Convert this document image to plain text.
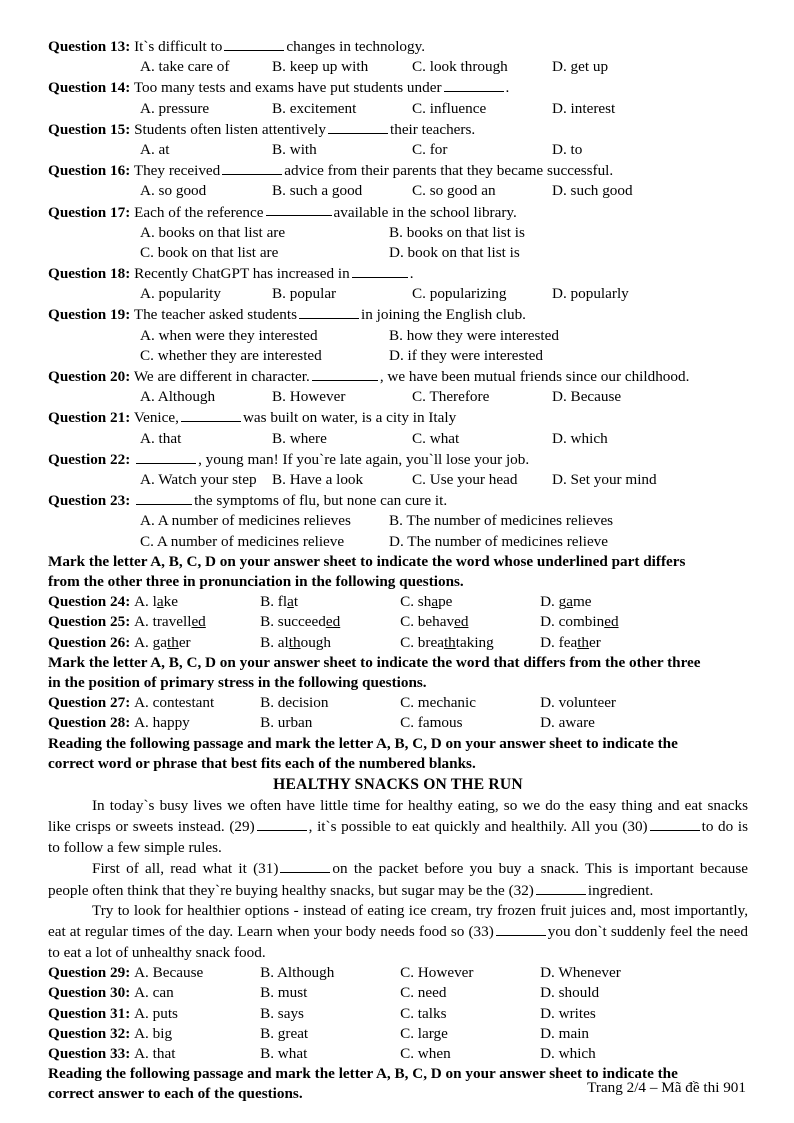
Question 13: It`s difficult to	changes in technology.
A. take care of	B. keep up with	C. look through	D. get up
Question 14: Too many tests and exams have put students under	.
A. pressure	B. excitement	C. influence	D. interest
Question 15: Students often listen attentively	their teachers.
A. at	B. with	C. for	D. to
Question 16: They received	advice from their parents that they became successful.
A. so good	B. such a good	C. so good an	D. such good
Question 17: Each of the reference	available in the school library.
A. books on that list are	B. books on that list is
C. book on that list are	D. book on that list is
Question 18: Recently ChatGPT has increased in	.
A. popularity	B. popular	C. popularizing	D. popularly
Question 19: The teacher asked students	in joining the English club.
A. when were they interested	B. how they were interested
C. whether they are interested	D. if they were interested
Question 20: We are different in character.	, we have been mutual friends since our childhood.
A. Although	B. However	C. Therefore	D. Because
Question 21: Venice,	was built on water, is a city in Italy
A. that	B. where	C. what	D. which
Question 22:	, young man! If you`re late again, you`ll lose your job.
A. Watch your step B. Have a look	C. Use your head D. Set your mind
Question 23:	the symptoms of flu, but none can cure it.
A. A number of medicines relieves	B. The number of medicines relieves
C. A number of medicines relieve	D. The number of medicines relieve
Mark the letter A, B, C, D on your answer sheet to indicate the word whose underlined part differs
from the other three in pronunciation in the following questions.
Question 24: A. lake	B. flat	C. shape	D. game
Question 25: A. travelled	B. succeeded	C. behaved	D. combined
Question 26: A. gather	B. although	C. breathtaking	D. feather
Mark the letter A, B, C, D on your answer sheet to indicate the word that differs from the other three
in the position of primary stress in the following questions.
Question 27: A. contestant	B. decision	C. mechanic	D. volunteer
Question 28: A. happy	B. urban	C. famous	D. aware
Reading the following passage and mark the letter A, B, C, D on your answer sheet to indicate the
correct word or phrase that best fits each of the numbered blanks.
HEALTHY SNACKS ON THE RUN
In today`s busy lives we often have little time for healthy eating, so we do the easy thing and eat snacks like crisps or sweets instead. (29)	, it`s possible to eat quickly and healthily. All you (30)	to do is to follow a few simple rules.
First of all, read what it (31)	on the packet before you buy a snack. This is important because people often think that they`re buying healthy snacks, but sugar may be the (32)	ingredient.
Try to look for healthier options - instead of eating ice cream, try frozen fruit juices and, most importantly, eat at regular times of the day. Learn when your body needs food so (33)	you don`t suddenly feel the need to eat a lot of unhealthy snack food.
Question 29: A. Because	B. Although	C. However	D. Whenever
Question 30: A. can	B. must	C. need	D. should
Question 31: A. puts	B. says	C. talks	D. writes
Question 32: A. big	B. great	C. large	D. main
Question 33: A. that	B. what	C. when	D. which
Reading the following passage and mark the letter A, B, C, D on your answer sheet to indicate the
correct answer to each of the questions.	Trang 2/4 – Mã đề thi 901
